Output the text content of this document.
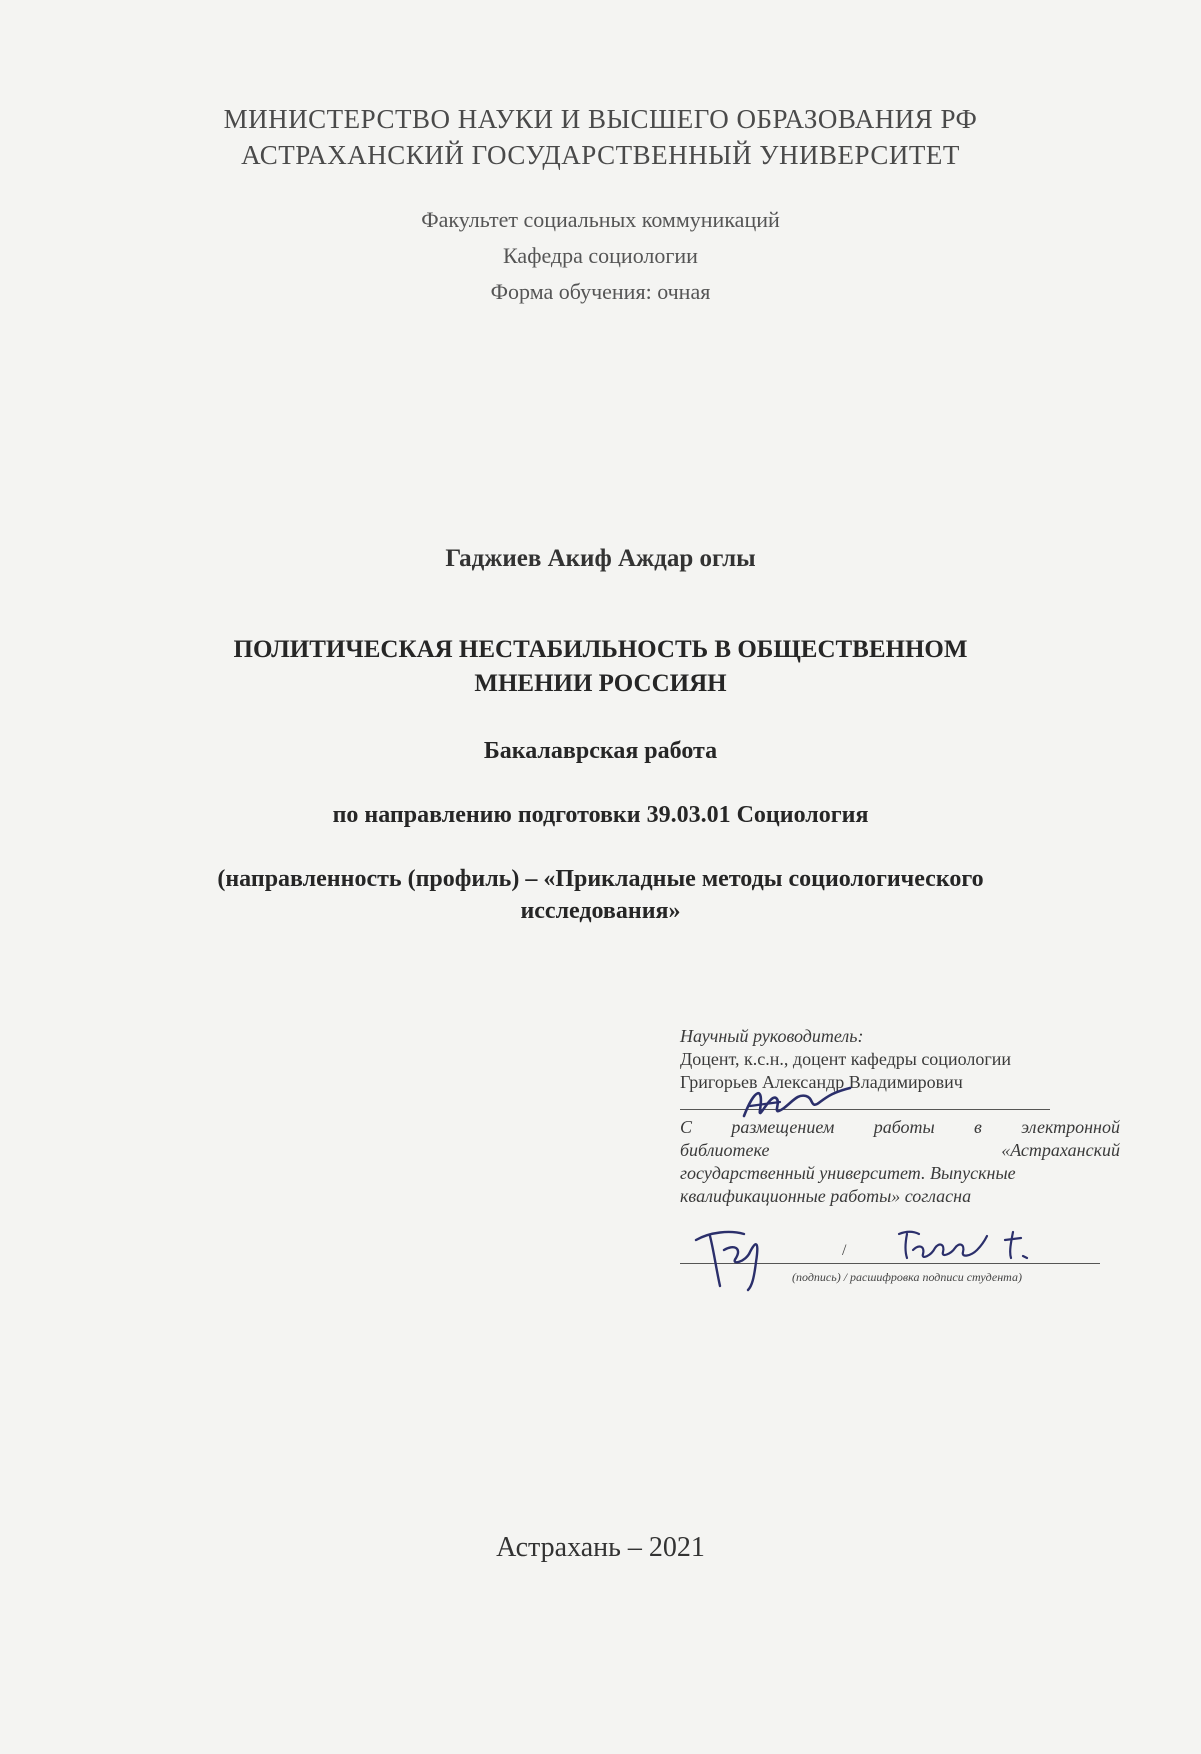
МИНИСТЕРСТВО НАУКИ И ВЫСШЕГО ОБРАЗОВАНИЯ РФ
АСТРАХАНСКИЙ ГОСУДАРСТВЕННЫЙ УНИВЕРСИТЕТ
Факультет социальных коммуникаций
Кафедра социологии
Форма обучения: очная
Гаджиев Акиф Аждар оглы
ПОЛИТИЧЕСКАЯ НЕСТАБИЛЬНОСТЬ В ОБЩЕСТВЕННОМ
МНЕНИИ РОССИЯН
Бакалаврская работа
по направлению подготовки 39.03.01 Социология
(направленность (профиль) – «Прикладные методы социологического
исследования»
Научный руководитель:
Доцент, к.с.н., доцент кафедры социологии
Григорьев Александр Владимирович
С размещением работы в электронной
библиотеке «Астраханский
государственный университет. Выпускные
квалификационные работы» согласна
/
(подпись) / расшифровка подписи студента)
Астрахань – 2021
